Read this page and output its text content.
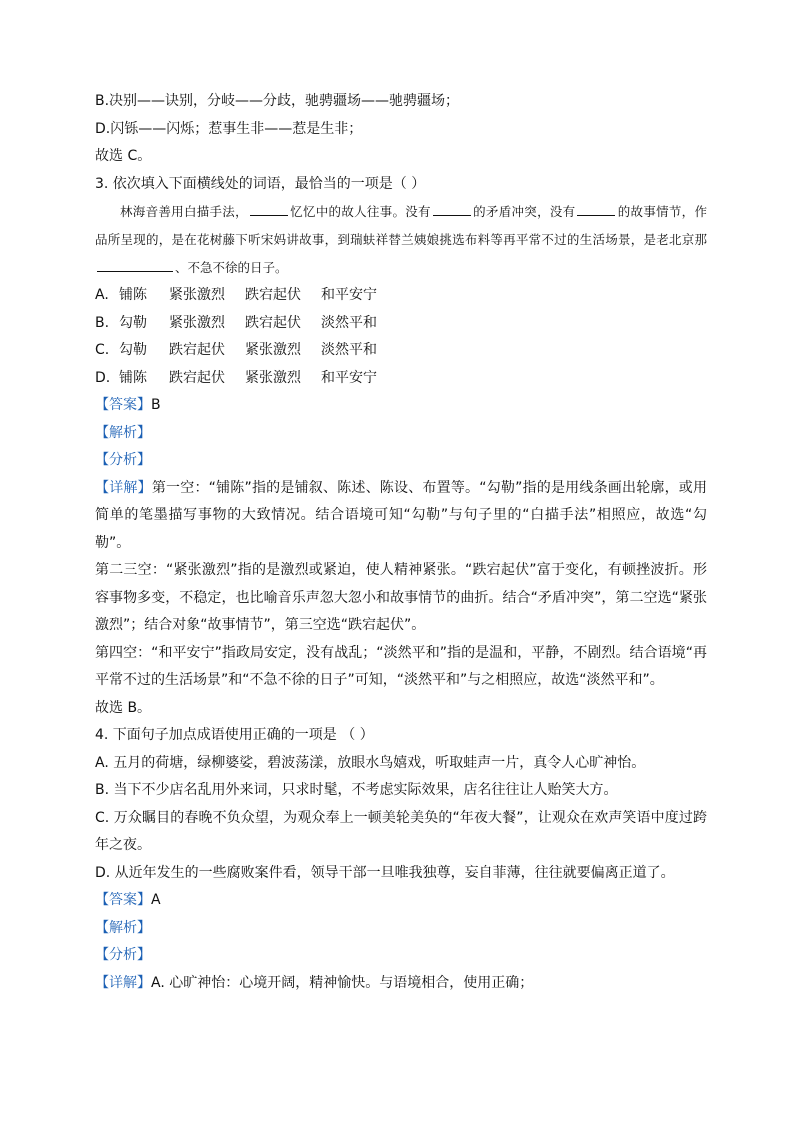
B.决别——诀别，分岐——分歧，驰骋疆场——驰骋疆场；

D.闪铄——闪烁；惹事生非——惹是生非；

故选 C。

3. 依次填入下面横线处的词语，最恰当的一项是（ ）

林海音善用白描手法，	忆忆中的故人往事。没有	的矛盾冲突，没有	的故事情节，作品所呈现的，是在花树藤下听宋妈讲故事，到瑞蚨祥替兰姨娘挑选布料等再平常不过的生活场景，是老北京那、不急不徐的日子。

A. 铺陈 紧张激烈 跌宕起伏 和平安宁

B. 勾勒 紧张激烈 跌宕起伏 淡然平和

C. 勾勒 跌宕起伏 紧张激烈 淡然平和

D. 铺陈 跌宕起伏 紧张激烈 和平安宁

【答案】B

【解析】

【分析】

【详解】第一空：“铺陈”指的是铺叙、陈述、陈设、布置等。“勾勒”指的是用线条画出轮廓，或用简单的笔墨描写事物的大致情况。结合语境可知“勾勒”与句子里的“白描手法”相照应，故选“勾勒”。

第二三空：“紧张激烈”指的是激烈或紧迫，使人精神紧张。“跌宕起伏”富于变化，有顿挫波折。形容事物多变，不稳定，也比喻音乐声忽大忽小和故事情节的曲折。结合“矛盾冲突”，第二空选“紧张激烈”；结合对象“故事情节”，第三空选“跌宕起伏”。

第四空：“和平安宁”指政局安定，没有战乱；“淡然平和”指的是温和，平静，不剧烈。结合语境“再平常不过的生活场景”和“不急不徐的日子”可知，“淡然平和”与之相照应，故选“淡然平和”。

故选 B。

4. 下面句子加点成语使用正确的一项是 （ ）

A. 五月的荷塘，绿柳婆娑，碧波荡漾，放眼水鸟嬉戏，听取蛙声一片，真令人心旷神怡。

B. 当下不少店名乱用外来词，只求时髦，不考虑实际效果，店名往往让人贻笑大方。

C. 万众瞩目的春晚不负众望，为观众奉上一顿美轮美奂的“年夜大餐”，让观众在欢声笑语中度过跨年之夜。

D. 从近年发生的一些腐败案件看，领导干部一旦唯我独尊，妄自菲薄，往往就要偏离正道了。

【答案】A

【解析】

【分析】

【详解】A. 心旷神怡：心境开阔，精神愉快。与语境相合，使用正确；
